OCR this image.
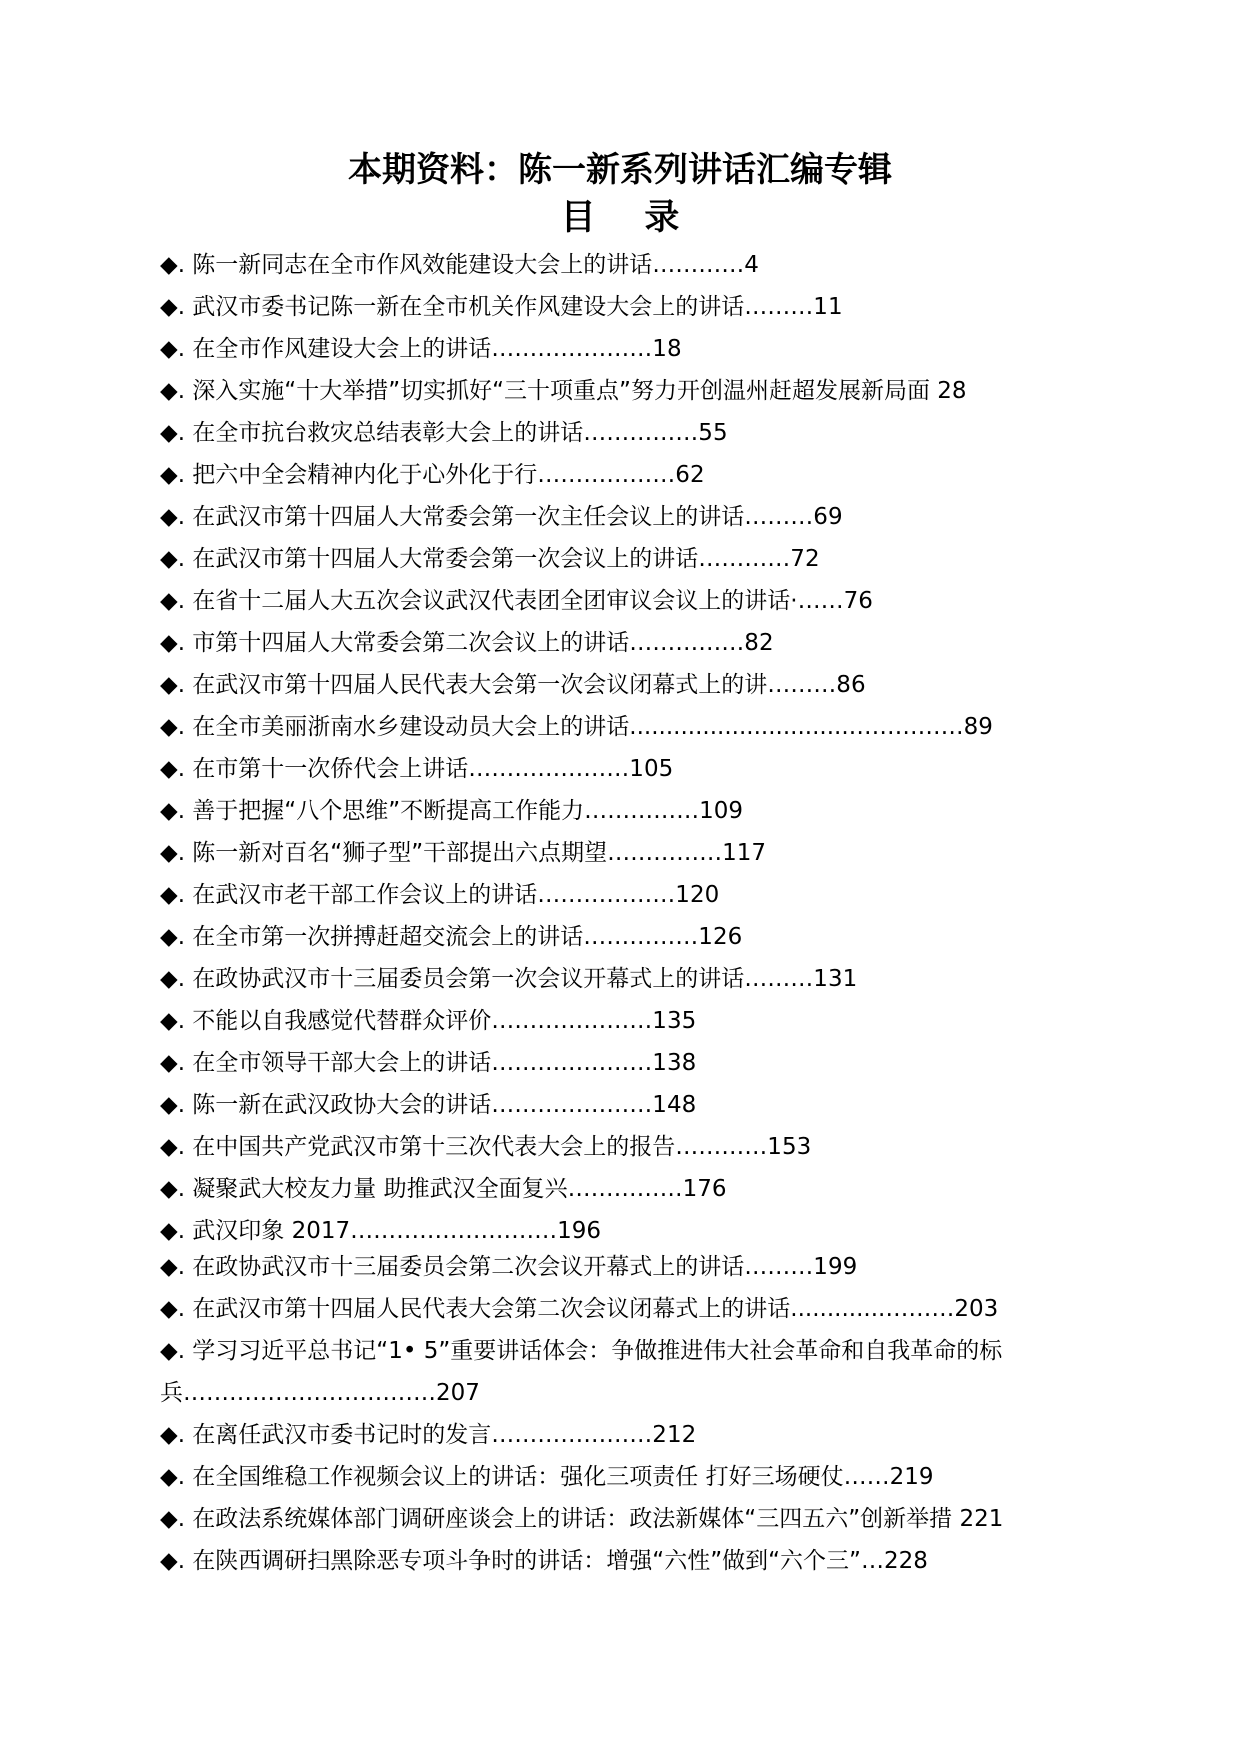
本期资料：陈一新系列讲话汇编专辑
目    录
◆. 陈一新同志在全市作风效能建设大会上的讲话…………4
◆. 武汉市委书记陈一新在全市机关作风建设大会上的讲话………11
◆. 在全市作风建设大会上的讲话…………………18
◆. 深入实施“十大举措”切实抓好“三十项重点”努力开创温州赶超发展新局面 28
◆. 在全市抗台救灾总结表彰大会上的讲话……………55
◆. 把六中全会精神内化于心外化于行………………62
◆. 在武汉市第十四届人大常委会第一次主任会议上的讲话………69
◆. 在武汉市第十四届人大常委会第一次会议上的讲话…………72
◆. 在省十二届人大五次会议武汉代表团全团审议会议上的讲话·……76
◆. 市第十四届人大常委会第二次会议上的讲话……………82
◆. 在武汉市第十四届人民代表大会第一次会议闭幕式上的讲………86
◆. 在全市美丽浙南水乡建设动员大会上的讲话..............................……………89
◆. 在市第十一次侨代会上讲话…………………105
◆. 善于把握“八个思维”不断提高工作能力……………109
◆. 陈一新对百名“狮子型”干部提出六点期望……………117
◆. 在武汉市老干部工作会议上的讲话………………120
◆. 在全市第一次拼搏赶超交流会上的讲话……………126
◆. 在政协武汉市十三届委员会第一次会议开幕式上的讲话………131
◆. 不能以自我感觉代替群众评价…………………135
◆. 在全市领导干部大会上的讲话…………………138
◆. 陈一新在武汉政协大会的讲话…………………148
◆. 在中国共产党武汉市第十三次代表大会上的报告…………153
◆. 凝聚武大校友力量 助推武汉全面复兴……………176
◆. 武汉印象 2017………………………196
◆. 在政协武汉市十三届委员会第二次会议开幕式上的讲话………199
◆. 在武汉市第十四届人民代表大会第二次会议闭幕式上的讲话.............………203
◆. 学习习近平总书记“1• 5”重要讲话体会：争做推进伟大社会革命和自我革命的标兵……………………………207
◆. 在离任武汉市委书记时的发言…………………212
◆. 在全国维稳工作视频会议上的讲话：强化三项责任 打好三场硬仗……219
◆. 在政法系统媒体部门调研座谈会上的讲话：政法新媒体“三四五六”创新举措 221
◆. 在陕西调研扫黑除恶专项斗争时的讲话：增强“六性”做到“六个三”…228
